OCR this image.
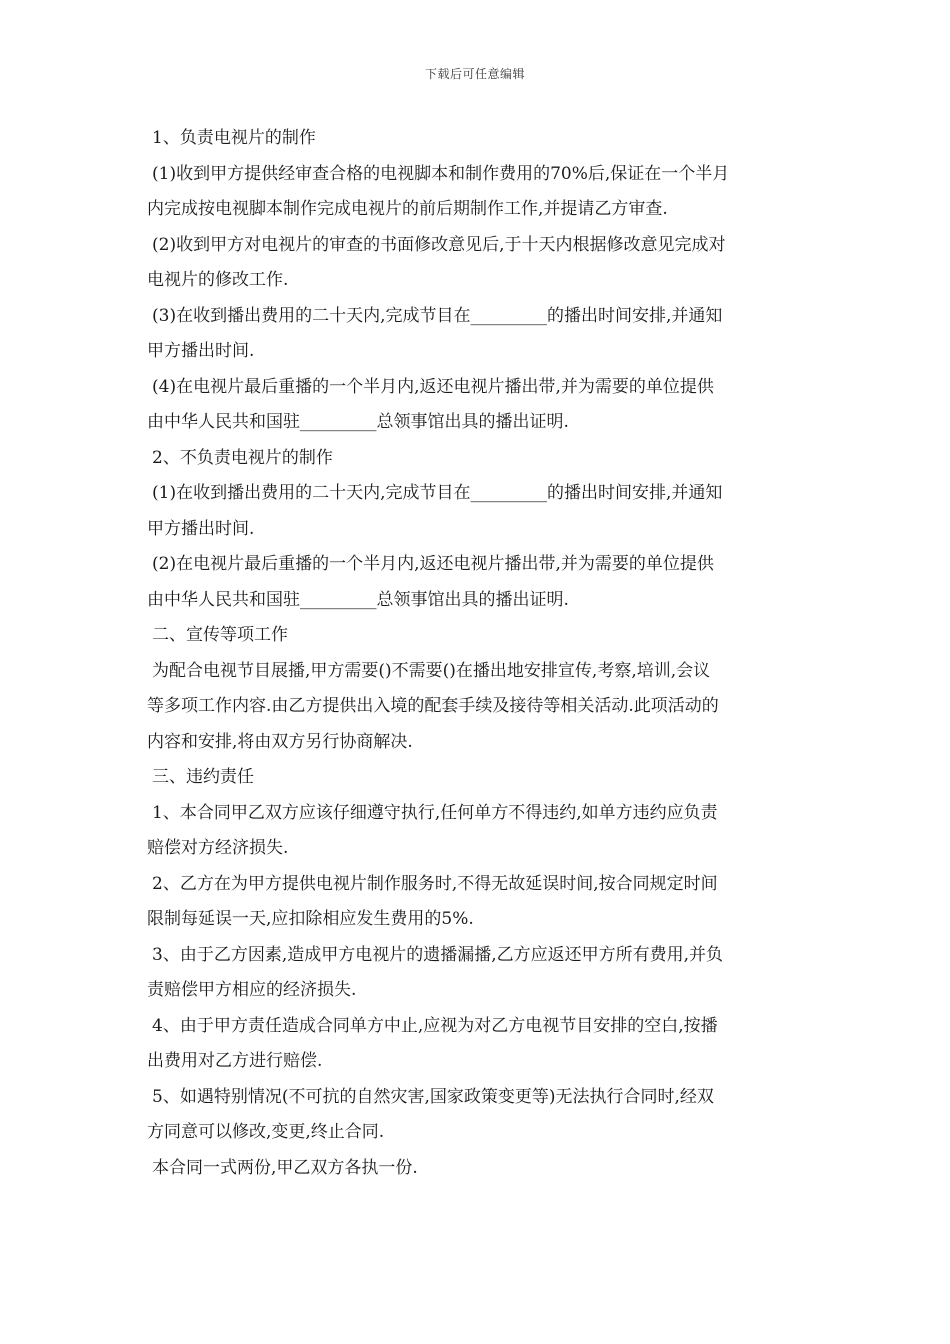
下载后可任意编辑
1、负责电视片的制作
(1)收到甲方提供经审查合格的电视脚本和制作费用的70%后,保证在一个半月
内完成按电视脚本制作完成电视片的前后期制作工作,并提请乙方审查.
(2)收到甲方对电视片的审查的书面修改意见后,于十天内根据修改意见完成对
电视片的修改工作.
(3)在收到播出费用的二十天内,完成节目在_________的播出时间安排,并通知
甲方播出时间.
(4)在电视片最后重播的一个半月内,返还电视片播出带,并为需要的单位提供
由中华人民共和国驻_________总领事馆出具的播出证明.
2、不负责电视片的制作
(1)在收到播出费用的二十天内,完成节目在_________的播出时间安排,并通知
甲方播出时间.
(2)在电视片最后重播的一个半月内,返还电视片播出带,并为需要的单位提供
由中华人民共和国驻_________总领事馆出具的播出证明.
二、宣传等项工作
为配合电视节目展播,甲方需要()不需要()在播出地安排宣传,考察,培训,会议
等多项工作内容.由乙方提供出入境的配套手续及接待等相关活动.此项活动的
内容和安排,将由双方另行协商解决.
三、违约责任
1、本合同甲乙双方应该仔细遵守执行,任何单方不得违约,如单方违约应负责
赔偿对方经济损失.
2、乙方在为甲方提供电视片制作服务时,不得无故延误时间,按合同规定时间
限制每延误一天,应扣除相应发生费用的5%.
3、由于乙方因素,造成甲方电视片的遗播漏播,乙方应返还甲方所有费用,并负
责赔偿甲方相应的经济损失.
4、由于甲方责任造成合同单方中止,应视为对乙方电视节目安排的空白,按播
出费用对乙方进行赔偿.
5、如遇特别情况(不可抗的自然灾害,国家政策变更等)无法执行合同时,经双
方同意可以修改,变更,终止合同.
本合同一式两份,甲乙双方各执一份.
